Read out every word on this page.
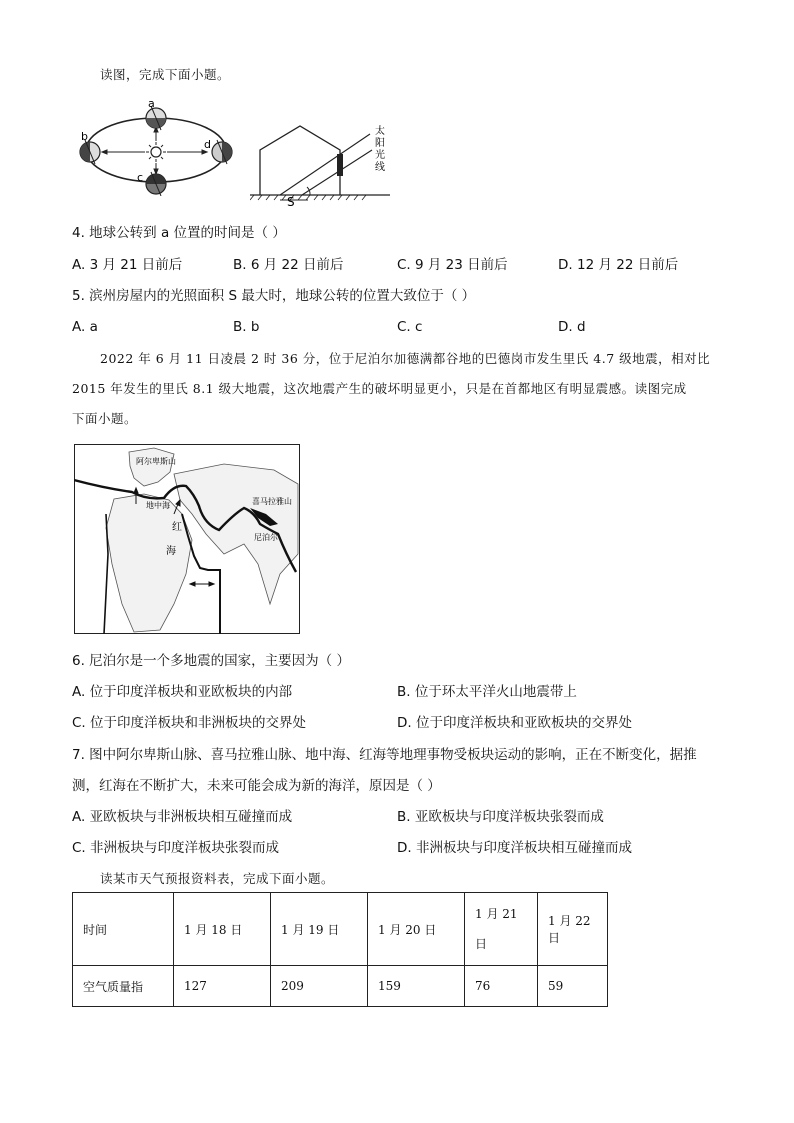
读图，完成下面小题。
a
b
c
d
S
太
阳
光
线
4. 地球公转到 a 位置的时间是（ ）
A. 3 月 21 日前后	B. 6 月 22 日前后	C. 9 月 23 日前后	D. 12 月 22 日前后
5. 滨州房屋内的光照面积 S 最大时，地球公转的位置大致位于（ ）
A. a	B. b	C. c	D. d
2022 年 6 月 11 日凌晨 2 时 36 分，位于尼泊尔加德满都谷地的巴德岗市发生里氏 4.7 级地震，相对比
2015 年发生的里氏 8.1 级大地震，这次地震产生的破坏明显更小，只是在首都地区有明显震感。读图完成
下面小题。
阿尔卑斯山
地中海
红
海
喜马拉雅山
尼泊尔
6. 尼泊尔是一个多地震的国家，主要因为（ ）
A. 位于印度洋板块和亚欧板块的内部	B. 位于环太平洋火山地震带上
C. 位于印度洋板块和非洲板块的交界处	D. 位于印度洋板块和亚欧板块的交界处
7. 图中阿尔卑斯山脉、喜马拉雅山脉、地中海、红海等地理事物受板块运动的影响，正在不断变化，据推
测，红海在不断扩大，未来可能会成为新的海洋，原因是（ ）
A. 亚欧板块与非洲板块相互碰撞而成	B. 亚欧板块与印度洋板块张裂而成
C. 非洲板块与印度洋板块张裂而成	D. 非洲板块与印度洋板块相互碰撞而成
读某市天气预报资料表，完成下面小题。
时间	1 月 18 日	1 月 19 日	1 月 20 日	1 月 21 日	1 月 22 日
空气质量指	127	209	159	76	59
